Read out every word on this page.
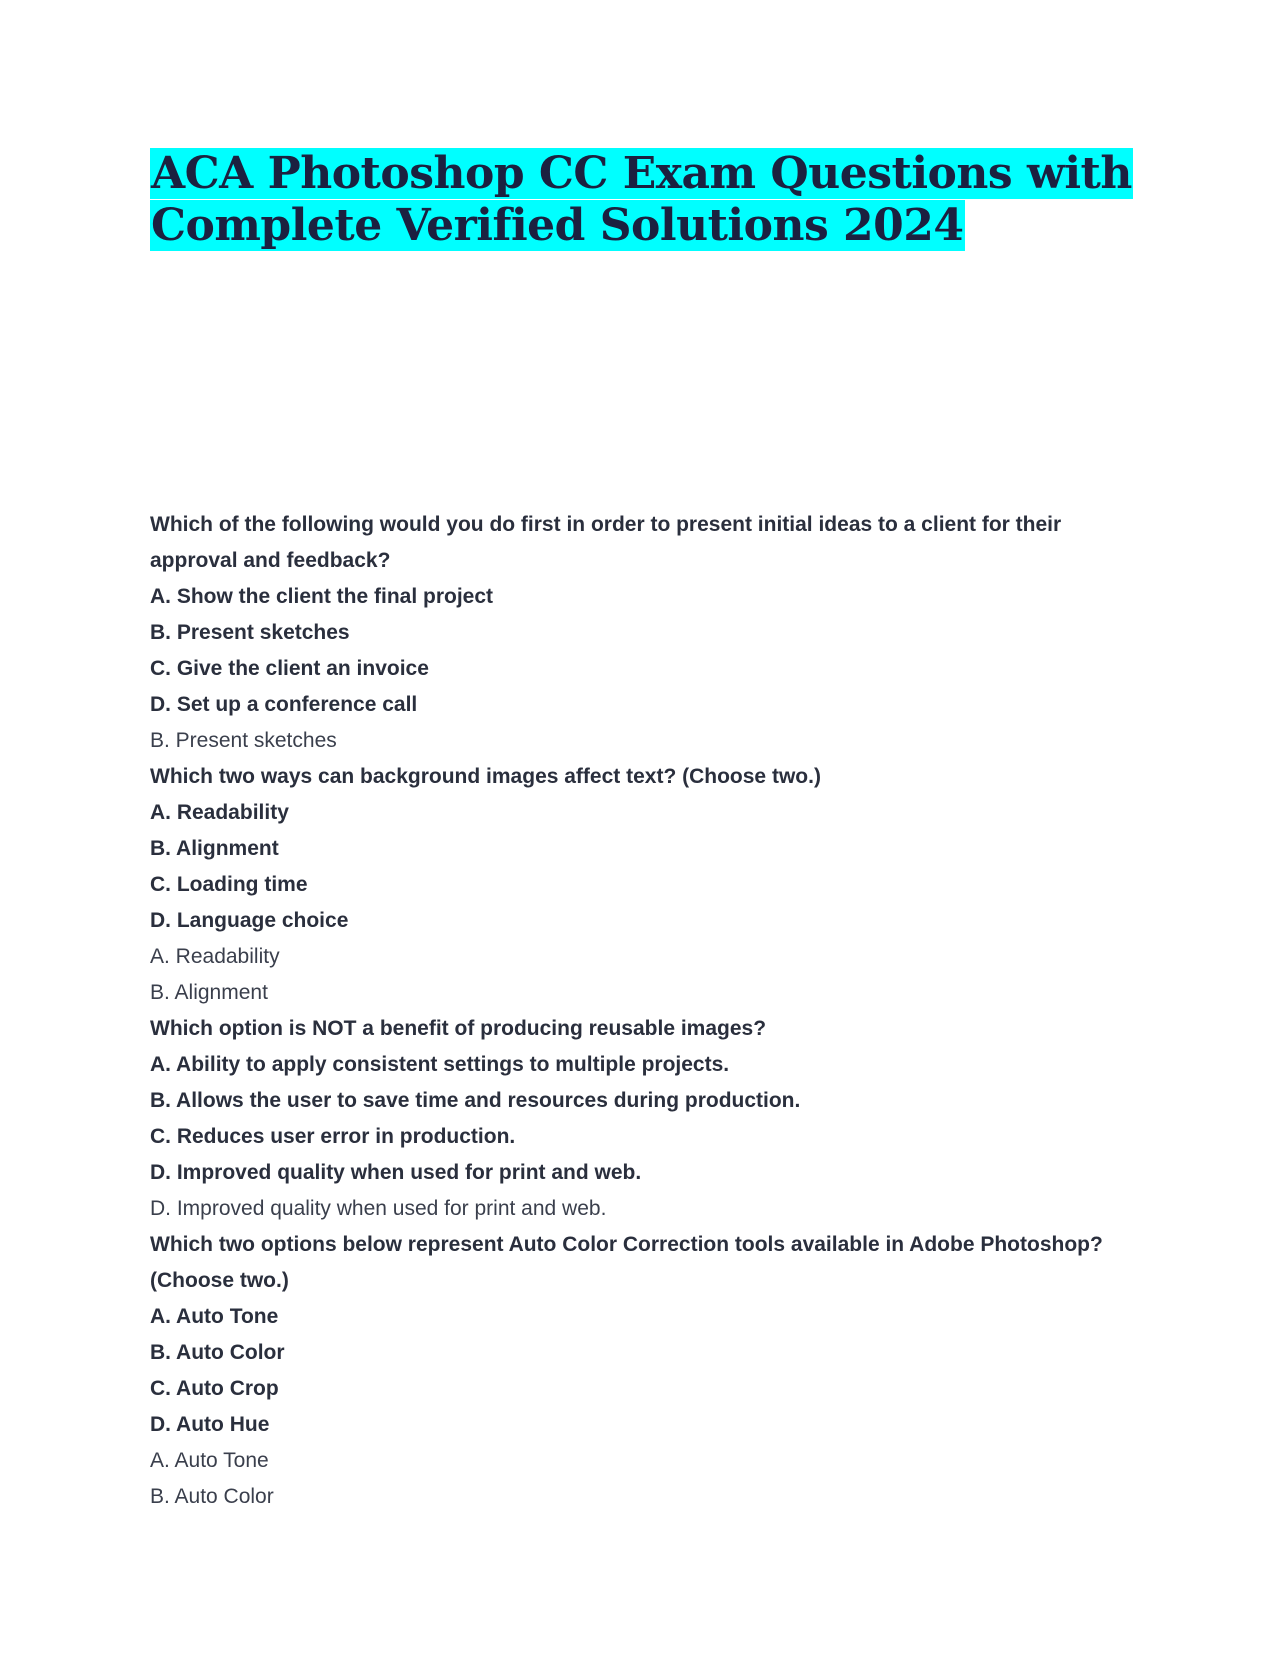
ACA Photoshop CC Exam Questions with Complete Verified Solutions 2024
Which of the following would you do first in order to present initial ideas to a client for their approval and feedback?
A. Show the client the final project
B. Present sketches
C. Give the client an invoice
D. Set up a conference call
B. Present sketches
Which two ways can background images affect text? (Choose two.)
A. Readability
B. Alignment
C. Loading time
D. Language choice
A. Readability
B. Alignment
Which option is NOT a benefit of producing reusable images?
A. Ability to apply consistent settings to multiple projects.
B. Allows the user to save time and resources during production.
C. Reduces user error in production.
D. Improved quality when used for print and web.
D. Improved quality when used for print and web.
Which two options below represent Auto Color Correction tools available in Adobe Photoshop? (Choose two.)
A. Auto Tone
B. Auto Color
C. Auto Crop
D. Auto Hue
A. Auto Tone
B. Auto Color
